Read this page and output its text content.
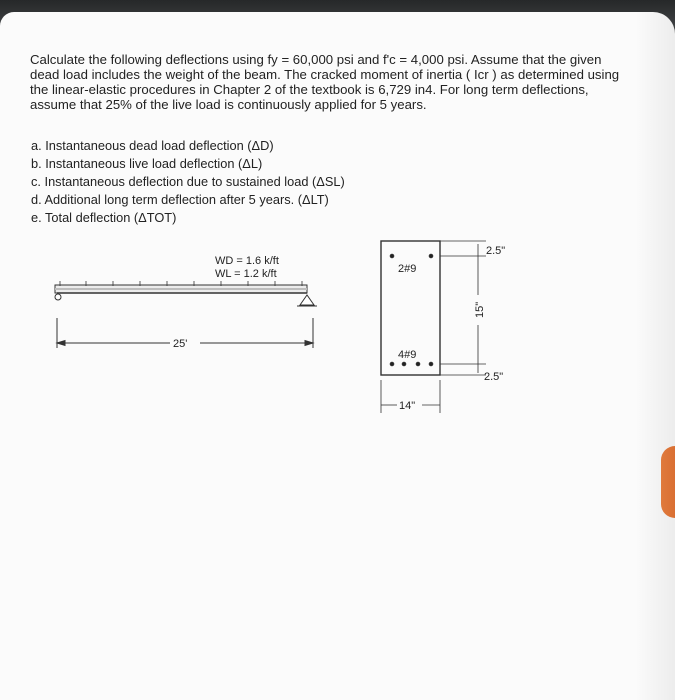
Calculate the following deflections using fy = 60,000 psi and f'c = 4,000 psi. Assume that the given

dead load includes the weight of the beam. The cracked moment of inertia ( Icr ) as determined using

the linear-elastic procedures in Chapter 2 of the textbook is 6,729 in4. For long term deflections,

assume that 25% of the live load is continuously applied for 5 years.

a. Instantaneous dead load deflection (ΔD)
b. Instantaneous live load deflection (ΔL)
c. Instantaneous deflection due to sustained load (ΔSL)
d. Additional long term deflection after 5 years. (ΔLT)
e. Total deflection (ΔTOT)
WD = 1.6 k/ft
WL = 1.2 k/ft
25'
2#9
4#9
14"
2.5"
2.5"
15"
